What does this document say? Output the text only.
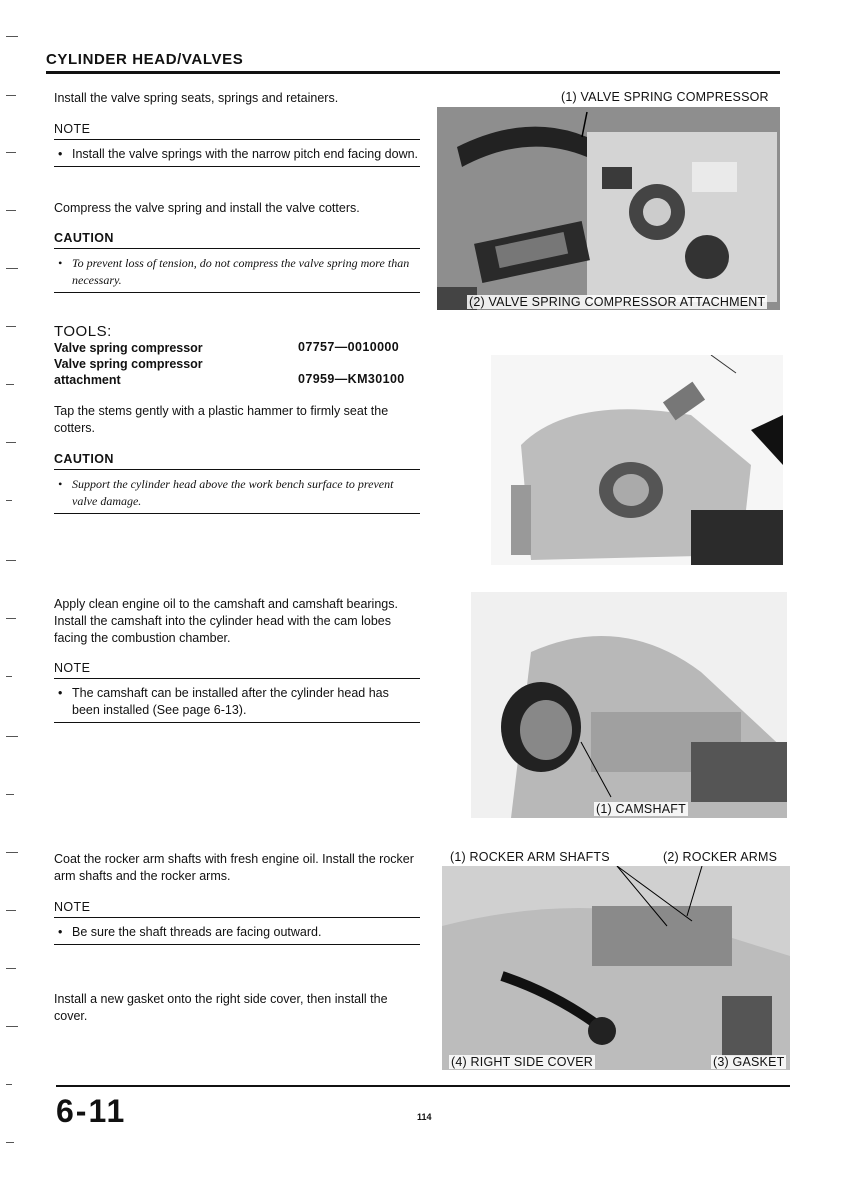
CYLINDER HEAD/VALVES

Install the valve spring seats, springs and retainers.

NOTE
• Install the valve springs with the narrow pitch end facing down.

Compress the valve spring and install the valve cotters.

CAUTION
• To prevent loss of tension, do not compress the valve spring more than necessary.
TOOLS:
Valve spring compressor	07757—0010000
Valve spring compressor
attachment	07959—KM30100

Tap the stems gently with a plastic hammer to firmly seat the cotters.

CAUTION
• Support the cylinder head above the work bench surface to prevent valve damage.

Apply clean engine oil to the camshaft and camshaft bearings. Install the camshaft into the cylinder head with the cam lobes facing the combustion chamber.

NOTE
• The camshaft can be installed after the cylinder head has been installed (See page 6-13).

Coat the rocker arm shafts with fresh engine oil. Install the rocker arm shafts and the rocker arms.

NOTE
• Be sure the shaft threads are facing outward.

Install a new gasket onto the right side cover, then install the cover.

(1) VALVE SPRING COMPRESSOR
(2) VALVE SPRING COMPRESSOR ATTACHMENT
(1) CAMSHAFT
(1) ROCKER ARM SHAFTS	(2) ROCKER ARMS
(4) RIGHT SIDE COVER	(3) GASKET
6-11	114
